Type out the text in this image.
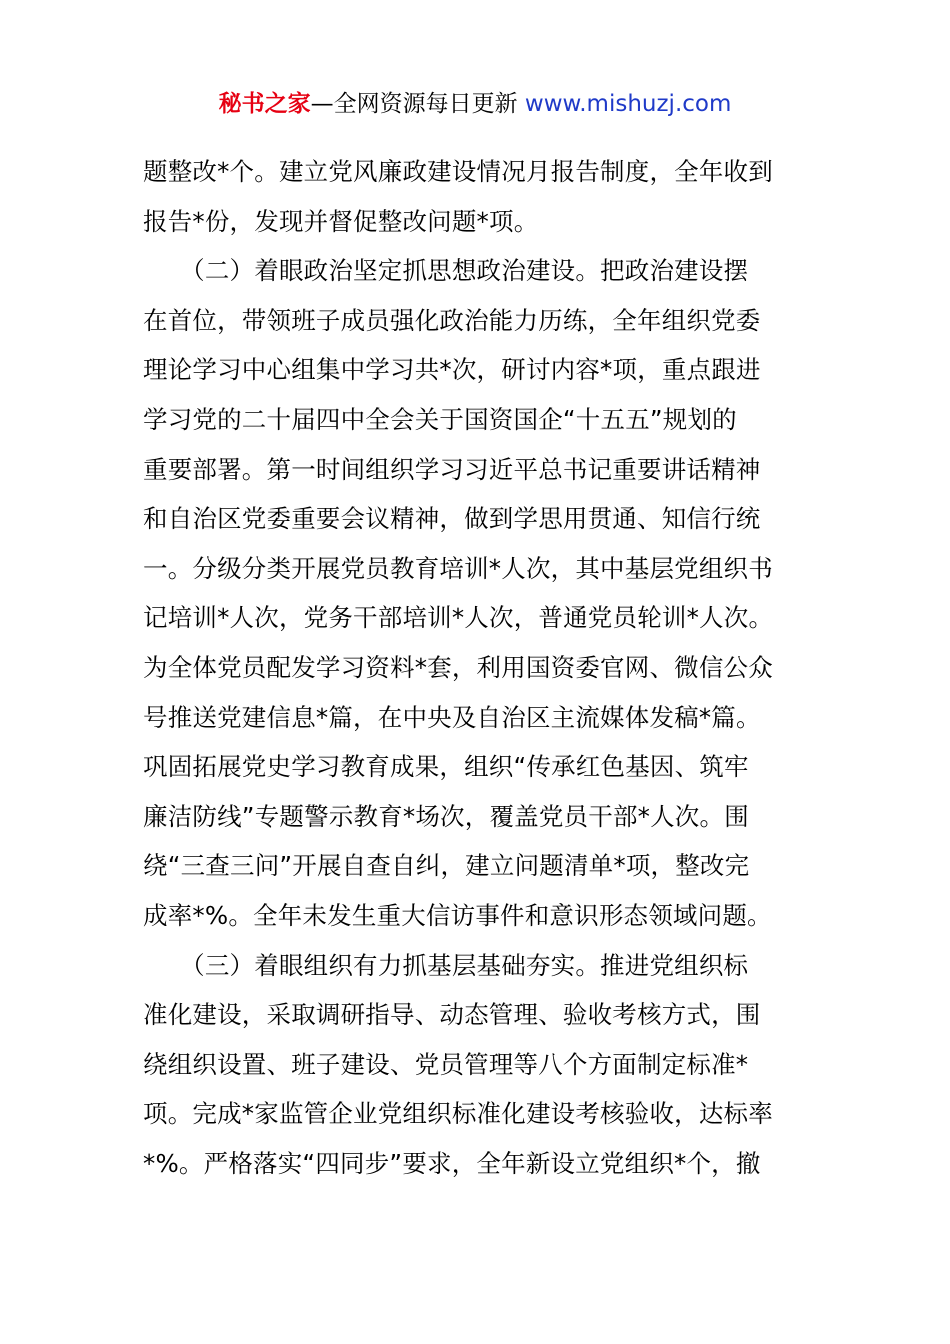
秘书之家—全网资源每日更新 www.mishuzj.com
题整改*个。建立党风廉政建设情况月报告制度，全年收到
报告*份，发现并督促整改问题*项。
　　（二）着眼政治坚定抓思想政治建设。把政治建设摆
在首位，带领班子成员强化政治能力历练，全年组织党委
理论学习中心组集中学习共*次，研讨内容*项，重点跟进
学习党的二十届四中全会关于国资国企“十五五”规划的
重要部署。第一时间组织学习习近平总书记重要讲话精神
和自治区党委重要会议精神，做到学思用贯通、知信行统
一。分级分类开展党员教育培训*人次，其中基层党组织书
记培训*人次，党务干部培训*人次，普通党员轮训*人次。
为全体党员配发学习资料*套，利用国资委官网、微信公众
号推送党建信息*篇，在中央及自治区主流媒体发稿*篇。
巩固拓展党史学习教育成果，组织“传承红色基因、筑牢
廉洁防线”专题警示教育*场次，覆盖党员干部*人次。围
绕“三查三问”开展自查自纠，建立问题清单*项，整改完
成率*%。全年未发生重大信访事件和意识形态领域问题。
　　（三）着眼组织有力抓基层基础夯实。推进党组织标
准化建设，采取调研指导、动态管理、验收考核方式，围
绕组织设置、班子建设、党员管理等八个方面制定标准*
项。完成*家监管企业党组织标准化建设考核验收，达标率
*%。严格落实“四同步”要求，全年新设立党组织*个，撤
